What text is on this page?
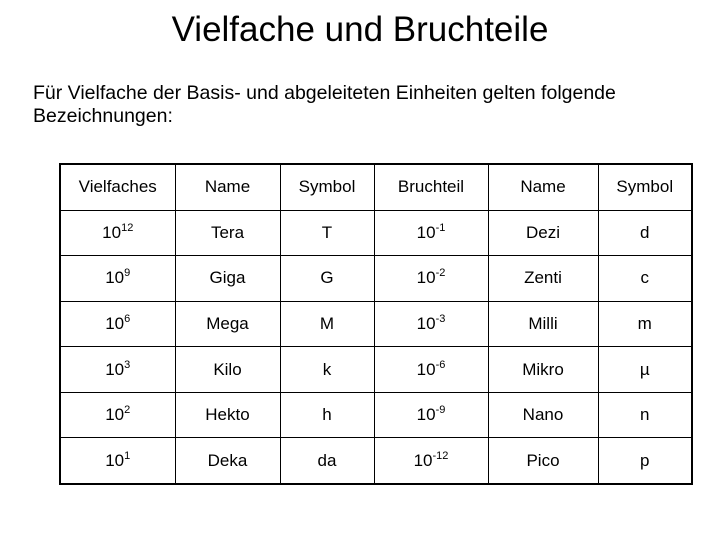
Vielfache und Bruchteile

Für Vielfache der Basis- und abgeleiteten Einheiten gelten folgende
Bezeichnungen:

Vielfaches	Name	Symbol	Bruchteil	Name	Symbol
$10^{12}$	Tera	T	$10^{-1}$	Dezi	d
$10^9$	Giga	G	$10^{-2}$	Zenti	c
$10^6$	Mega	M	$10^{-3}$	Milli	m
$10^3$	Kilo	k	$10^{-6}$	Mikro	µ
$10^2$	Hekto	h	$10^{-9}$	Nano	n
$10^1$	Deka	da	$10^{-12}$	Pico	p
